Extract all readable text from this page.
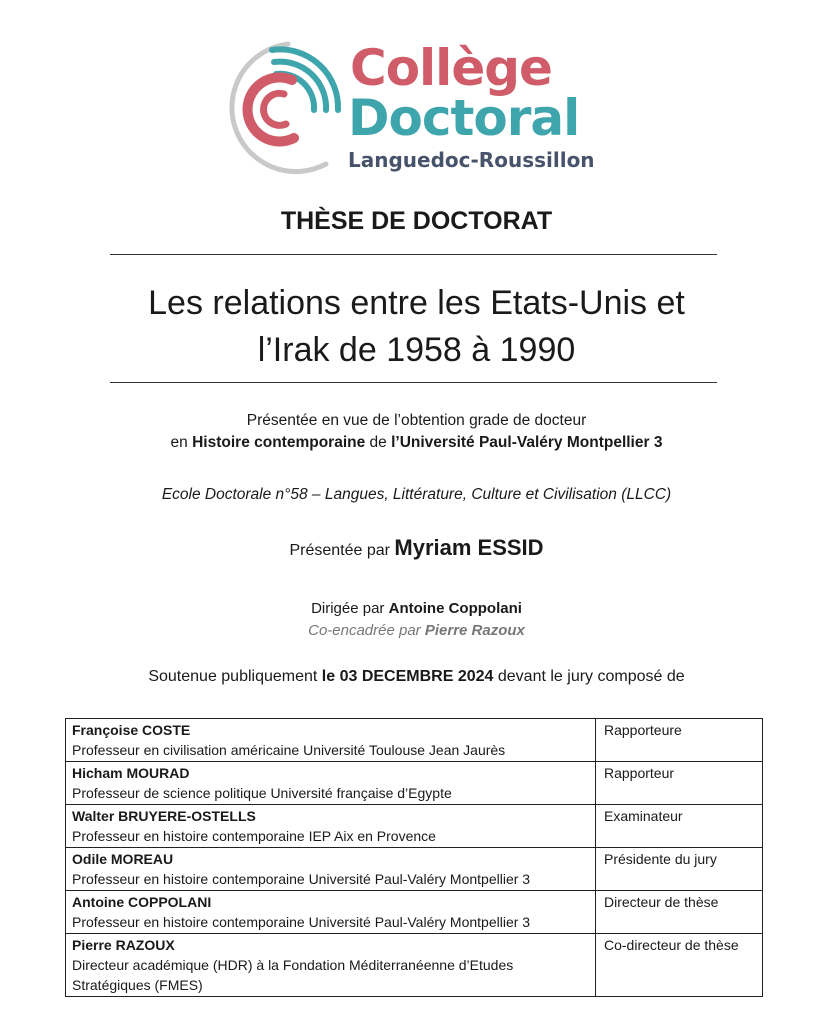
Collège
Doctoral
Languedoc-Roussillon
THÈSE DE DOCTORAT
Les relations entre les Etats-Unis et
l’Irak de 1958 à 1990
Présentée en vue de l’obtention grade de docteur
en Histoire contemporaine de l’Université Paul-Valéry Montpellier 3
Ecole Doctorale n°58 – Langues, Littérature, Culture et Civilisation (LLCC)
Présentée par Myriam ESSID
Dirigée par Antoine Coppolani
Co-encadrée par Pierre Razoux
Soutenue publiquement le 03 DECEMBRE 2024 devant le jury composé de
Françoise COSTE
Professeur en civilisation américaine Université Toulouse Jean Jaurès	Rapporteure

Hicham MOURAD
Professeur de science politique Université française d’Egypte	Rapporteur

Walter BRUYERE-OSTELLS
Professeur en histoire contemporaine IEP Aix en Provence	Examinateur

Odile MOREAU
Professeur en histoire contemporaine Université Paul-Valéry Montpellier 3	Présidente du jury

Antoine COPPOLANI
Professeur en histoire contemporaine Université Paul-Valéry Montpellier 3	Directeur de thèse

Pierre RAZOUX
Directeur académique (HDR) à la Fondation Méditerranéenne d’Etudes Stratégiques (FMES)	Co-directeur de thèse
